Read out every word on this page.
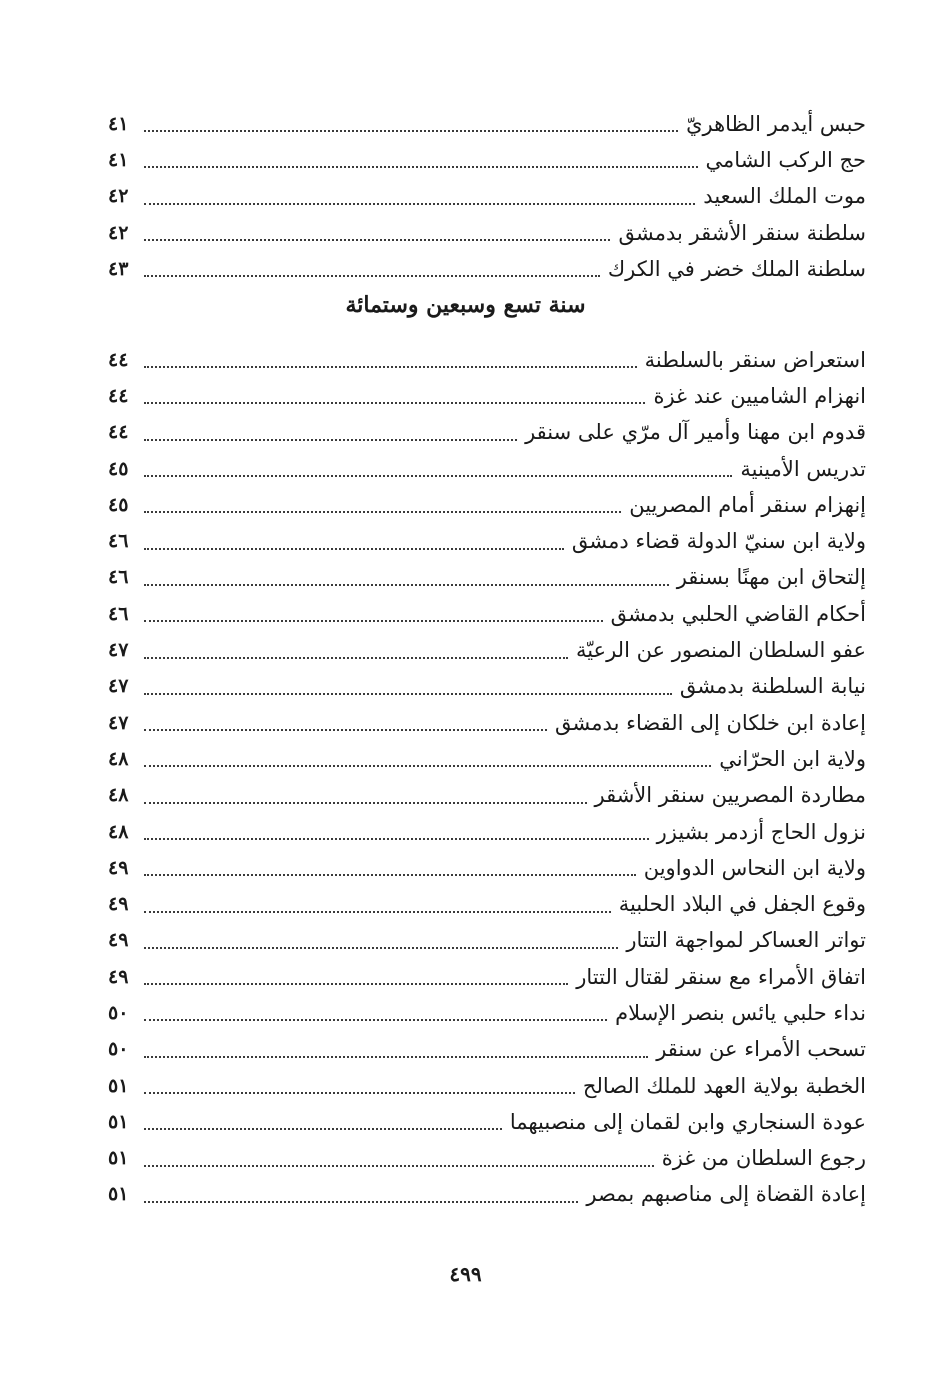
حبس أيدمر الظاهريّ
٤١
حج الركب الشامي
٤١
موت الملك السعيد
٤٢
سلطنة سنقر الأشقر بدمشق
٤٢
سلطنة الملك خضر في الكرك
٤٣
سنة تسع وسبعين وستمائة
استعراض سنقر بالسلطنة
٤٤
انهزام الشاميين عند غزة
٤٤
قدوم ابن مهنا وأمير آل مرّي على سنقر
٤٤
تدريس الأمينية
٤٥
إنهزام سنقر أمام المصريين
٤٥
ولاية ابن سنيّ الدولة قضاء دمشق
٤٦
إلتحاق ابن مهنًا بسنقر
٤٦
أحكام القاضي الحلبي بدمشق
٤٦
عفو السلطان المنصور عن الرعيّة
٤٧
نيابة السلطنة بدمشق
٤٧
إعادة ابن خلكان إلى القضاء بدمشق
٤٧
ولاية ابن الحرّاني
٤٨
مطاردة المصريين سنقر الأشقر
٤٨
نزول الحاج أزدمر بشيزر
٤٨
ولاية ابن النحاس الدواوين
٤٩
وقوع الجفل في البلاد الحلبية
٤٩
تواتر العساكر لمواجهة التتار
٤٩
اتفاق الأمراء مع سنقر لقتال التتار
٤٩
نداء حلبي يائس بنصر الإسلام
٥٠
تسحب الأمراء عن سنقر
٥٠
الخطبة بولاية العهد للملك الصالح
٥١
عودة السنجاري وابن لقمان إلى منصبيهما
٥١
رجوع السلطان من غزة
٥١
إعادة القضاة إلى مناصبهم بمصر
٥١
٤٩٩
